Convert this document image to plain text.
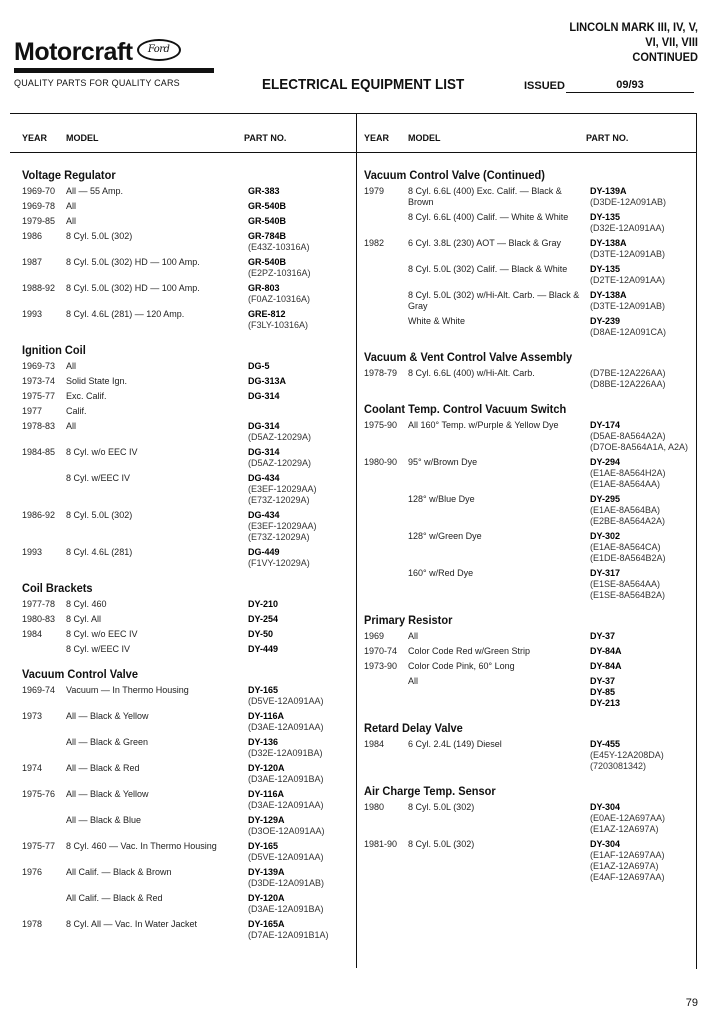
LINCOLN MARK III, IV, V,
VI, VII, VIII
CONTINUED
Motorcraft Ford
QUALITY PARTS FOR QUALITY CARS	ELECTRICAL EQUIPMENT LIST	ISSUED	09/93
YEAR MODEL	PART NO.	YEAR MODEL	PART NO.
Voltage Regulator
1969-70	All — 55 Amp.	GR-383
1969-78	All	GR-540B
1979-85	All	GR-540B
1986	8 Cyl. 5.0L (302)	GR-784B
(E43Z-10316A)
1987	8 Cyl. 5.0L (302) HD — 100 Amp.	GR-540B
(E2PZ-10316A)
1988-92	8 Cyl. 5.0L (302) HD — 100 Amp.	GR-803
(F0AZ-10316A)
1993	8 Cyl. 4.6L (281) — 120 Amp.	GRE-812
(F3LY-10316A)
Ignition Coil
1969-73	All	DG-5
1973-74	Solid State Ign.	DG-313A
1975-77	Exc. Calif.	DG-314
1977	Calif.
1978-83	All	DG-314
(D5AZ-12029A)
1984-85	8 Cyl. w/o EEC IV	DG-314
(D5AZ-12029A)
8 Cyl. w/EEC IV	DG-434
(E3EF-12029AA)
(E73Z-12029A)
1986-92	8 Cyl. 5.0L (302)	DG-434
(E3EF-12029AA)
(E73Z-12029A)
1993	8 Cyl. 4.6L (281)	DG-449
(F1VY-12029A)
Coil Brackets
1977-78	8 Cyl. 460	DY-210
1980-83	8 Cyl. All	DY-254
1984	8 Cyl. w/o EEC IV	DY-50
8 Cyl. w/EEC IV	DY-449
Vacuum Control Valve
1969-74	Vacuum — In Thermo Housing	DY-165
(D5VE-12A091AA)
1973	All — Black & Yellow	DY-116A
(D3AE-12A091AA)
All — Black & Green	DY-136
(D32E-12A091BA)
1974	All — Black & Red	DY-120A
(D3AE-12A091BA)
1975-76	All — Black & Yellow	DY-116A
(D3AE-12A091AA)
All — Black & Blue	DY-129A
(D3OE-12A091AA)
1975-77	8 Cyl. 460 — Vac. In Thermo Housing	DY-165
(D5VE-12A091AA)
1976	All Calif. — Black & Brown	DY-139A
(D3DE-12A091AB)
All Calif. — Black & Red	DY-120A
(D3AE-12A091BA)
1978	8 Cyl. All — Vac. In Water Jacket	DY-165A
(D7AE-12A091B1A)
Vacuum Control Valve (Continued)
1979	8 Cyl. 6.6L (400) Exc. Calif. — Black & Brown
DY-139A
(D3DE-12A091AB)
8 Cyl. 6.6L (400) Calif. — White & White	DY-135
(D32E-12A091AA)
1982	6 Cyl. 3.8L (230) AOT — Black & Gray	DY-138A
(D3TE-12A091AB)
8 Cyl. 5.0L (302) Calif. — Black & White	DY-135
(D2TE-12A091AA)
8 Cyl. 5.0L (302) w/Hi-Alt. Carb. — Black & Gray
DY-138A
(D3TE-12A091AB)
White & White	DY-239
(D8AE-12A091CA)
Vacuum & Vent Control Valve Assembly
1978-79	8 Cyl. 6.6L (400) w/Hi-Alt. Carb.	(D7BE-12A226AA)
(D8BE-12A226AA)
Coolant Temp. Control Vacuum Switch
1975-90	All 160° Temp. w/Purple & Yellow Dye	DY-174
(D5AE-8A564A2A)
(D7OE-8A564A1A, A2A)
1980-90	95° w/Brown Dye	DY-294
(E1AE-8A564H2A)
(E1AE-8A564AA)
128° w/Blue Dye	DY-295
(E1AE-8A564BA)
(E2BE-8A564A2A)
128° w/Green Dye	DY-302
(E1AE-8A564CA)
(E1DE-8A564B2A)
160° w/Red Dye	DY-317
(E1SE-8A564AA)
(E1SE-8A564B2A)
Primary Resistor
1969	All	DY-37
1970-74	Color Code Red w/Green Strip	DY-84A
1973-90	Color Code Pink, 60° Long	DY-84A
All	DY-37
DY-85
DY-213
Retard Delay Valve
1984	6 Cyl. 2.4L (149) Diesel	DY-455
(E45Y-12A208DA)
(7203081342)
Air Charge Temp. Sensor
1980	8 Cyl. 5.0L (302)	DY-304
(E0AE-12A697AA)
(E1AZ-12A697A)
1981-90	8 Cyl. 5.0L (302)	DY-304
(E1AF-12A697AA)
(E1AZ-12A697A)
(E4AF-12A697AA)
79
